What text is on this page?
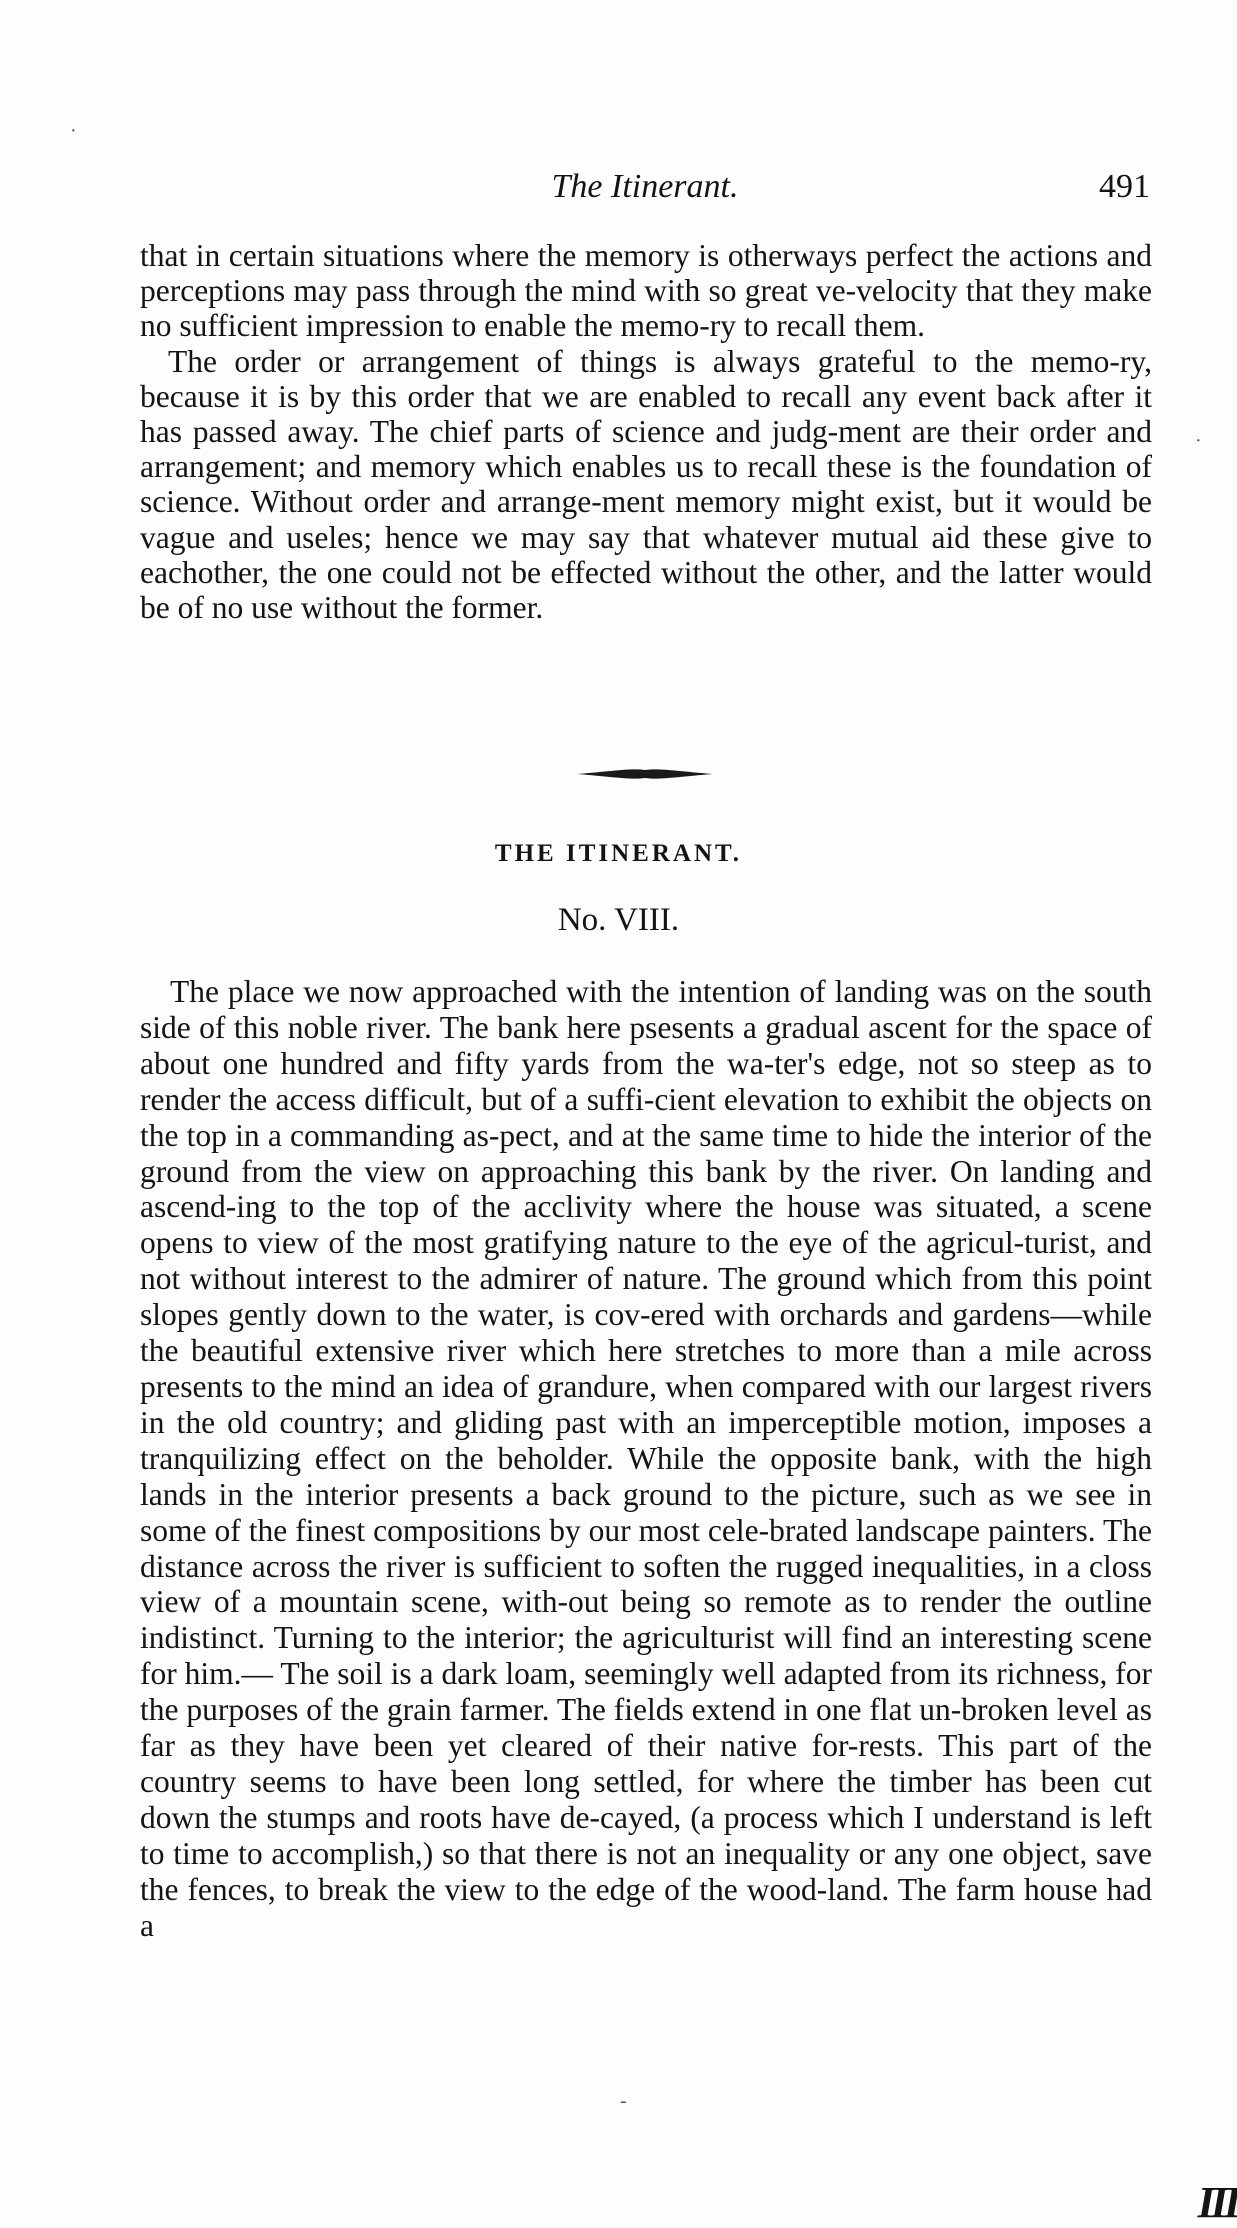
The Itinerant.	491

that in certain situations where the memory is otherways perfect the actions and perceptions may pass through the mind with so great ve-velocity that they make no sufficient impression to enable the memo-ry to recall them.

The order or arrangement of things is always grateful to the memo-ry, because it is by this order that we are enabled to recall any event back after it has passed away. The chief parts of science and judg-ment are their order and arrangement; and memory which enables us to recall these is the foundation of science. Without order and arrange-ment memory might exist, but it would be vague and useles; hence we may say that whatever mutual aid these give to eachother, the one could not be effected without the other, and the latter would be of no use without the former.

THE ITINERANT.
No. VIII.

The place we now approached with the intention of landing was on the south side of this noble river. The bank here psesents a gradual ascent for the space of about one hundred and fifty yards from the wa-ter's edge, not so steep as to render the access difficult, but of a suffi-cient elevation to exhibit the objects on the top in a commanding as-pect, and at the same time to hide the interior of the ground from the view on approaching this bank by the river. On landing and ascend-ing to the top of the acclivity where the house was situated, a scene opens to view of the most gratifying nature to the eye of the agricul-turist, and not without interest to the admirer of nature. The ground which from this point slopes gently down to the water, is cov-ered with orchards and gardens—while the beautiful extensive river which here stretches to more than a mile across presents to the mind an idea of grandure, when compared with our largest rivers in the old country; and gliding past with an imperceptible motion, imposes a tranquilizing effect on the beholder. While the opposite bank, with the high lands in the interior presents a back ground to the picture, such as we see in some of the finest compositions by our most cele-brated landscape painters. The distance across the river is sufficient to soften the rugged inequalities, in a closs view of a mountain scene, with-out being so remote as to render the outline indistinct. Turning to the interior; the agriculturist will find an interesting scene for him.— The soil is a dark loam, seemingly well adapted from its richness, for the purposes of the grain farmer. The fields extend in one flat un-broken level as far as they have been yet cleared of their native for-rests. This part of the country seems to have been long settled, for where the timber has been cut down the stumps and roots have de-cayed, (a process which I understand is left to time to accomplish,) so that there is not an inequality or any one object, save the fences, to break the view to the edge of the wood-land. The farm house had a

·
·
-
III
